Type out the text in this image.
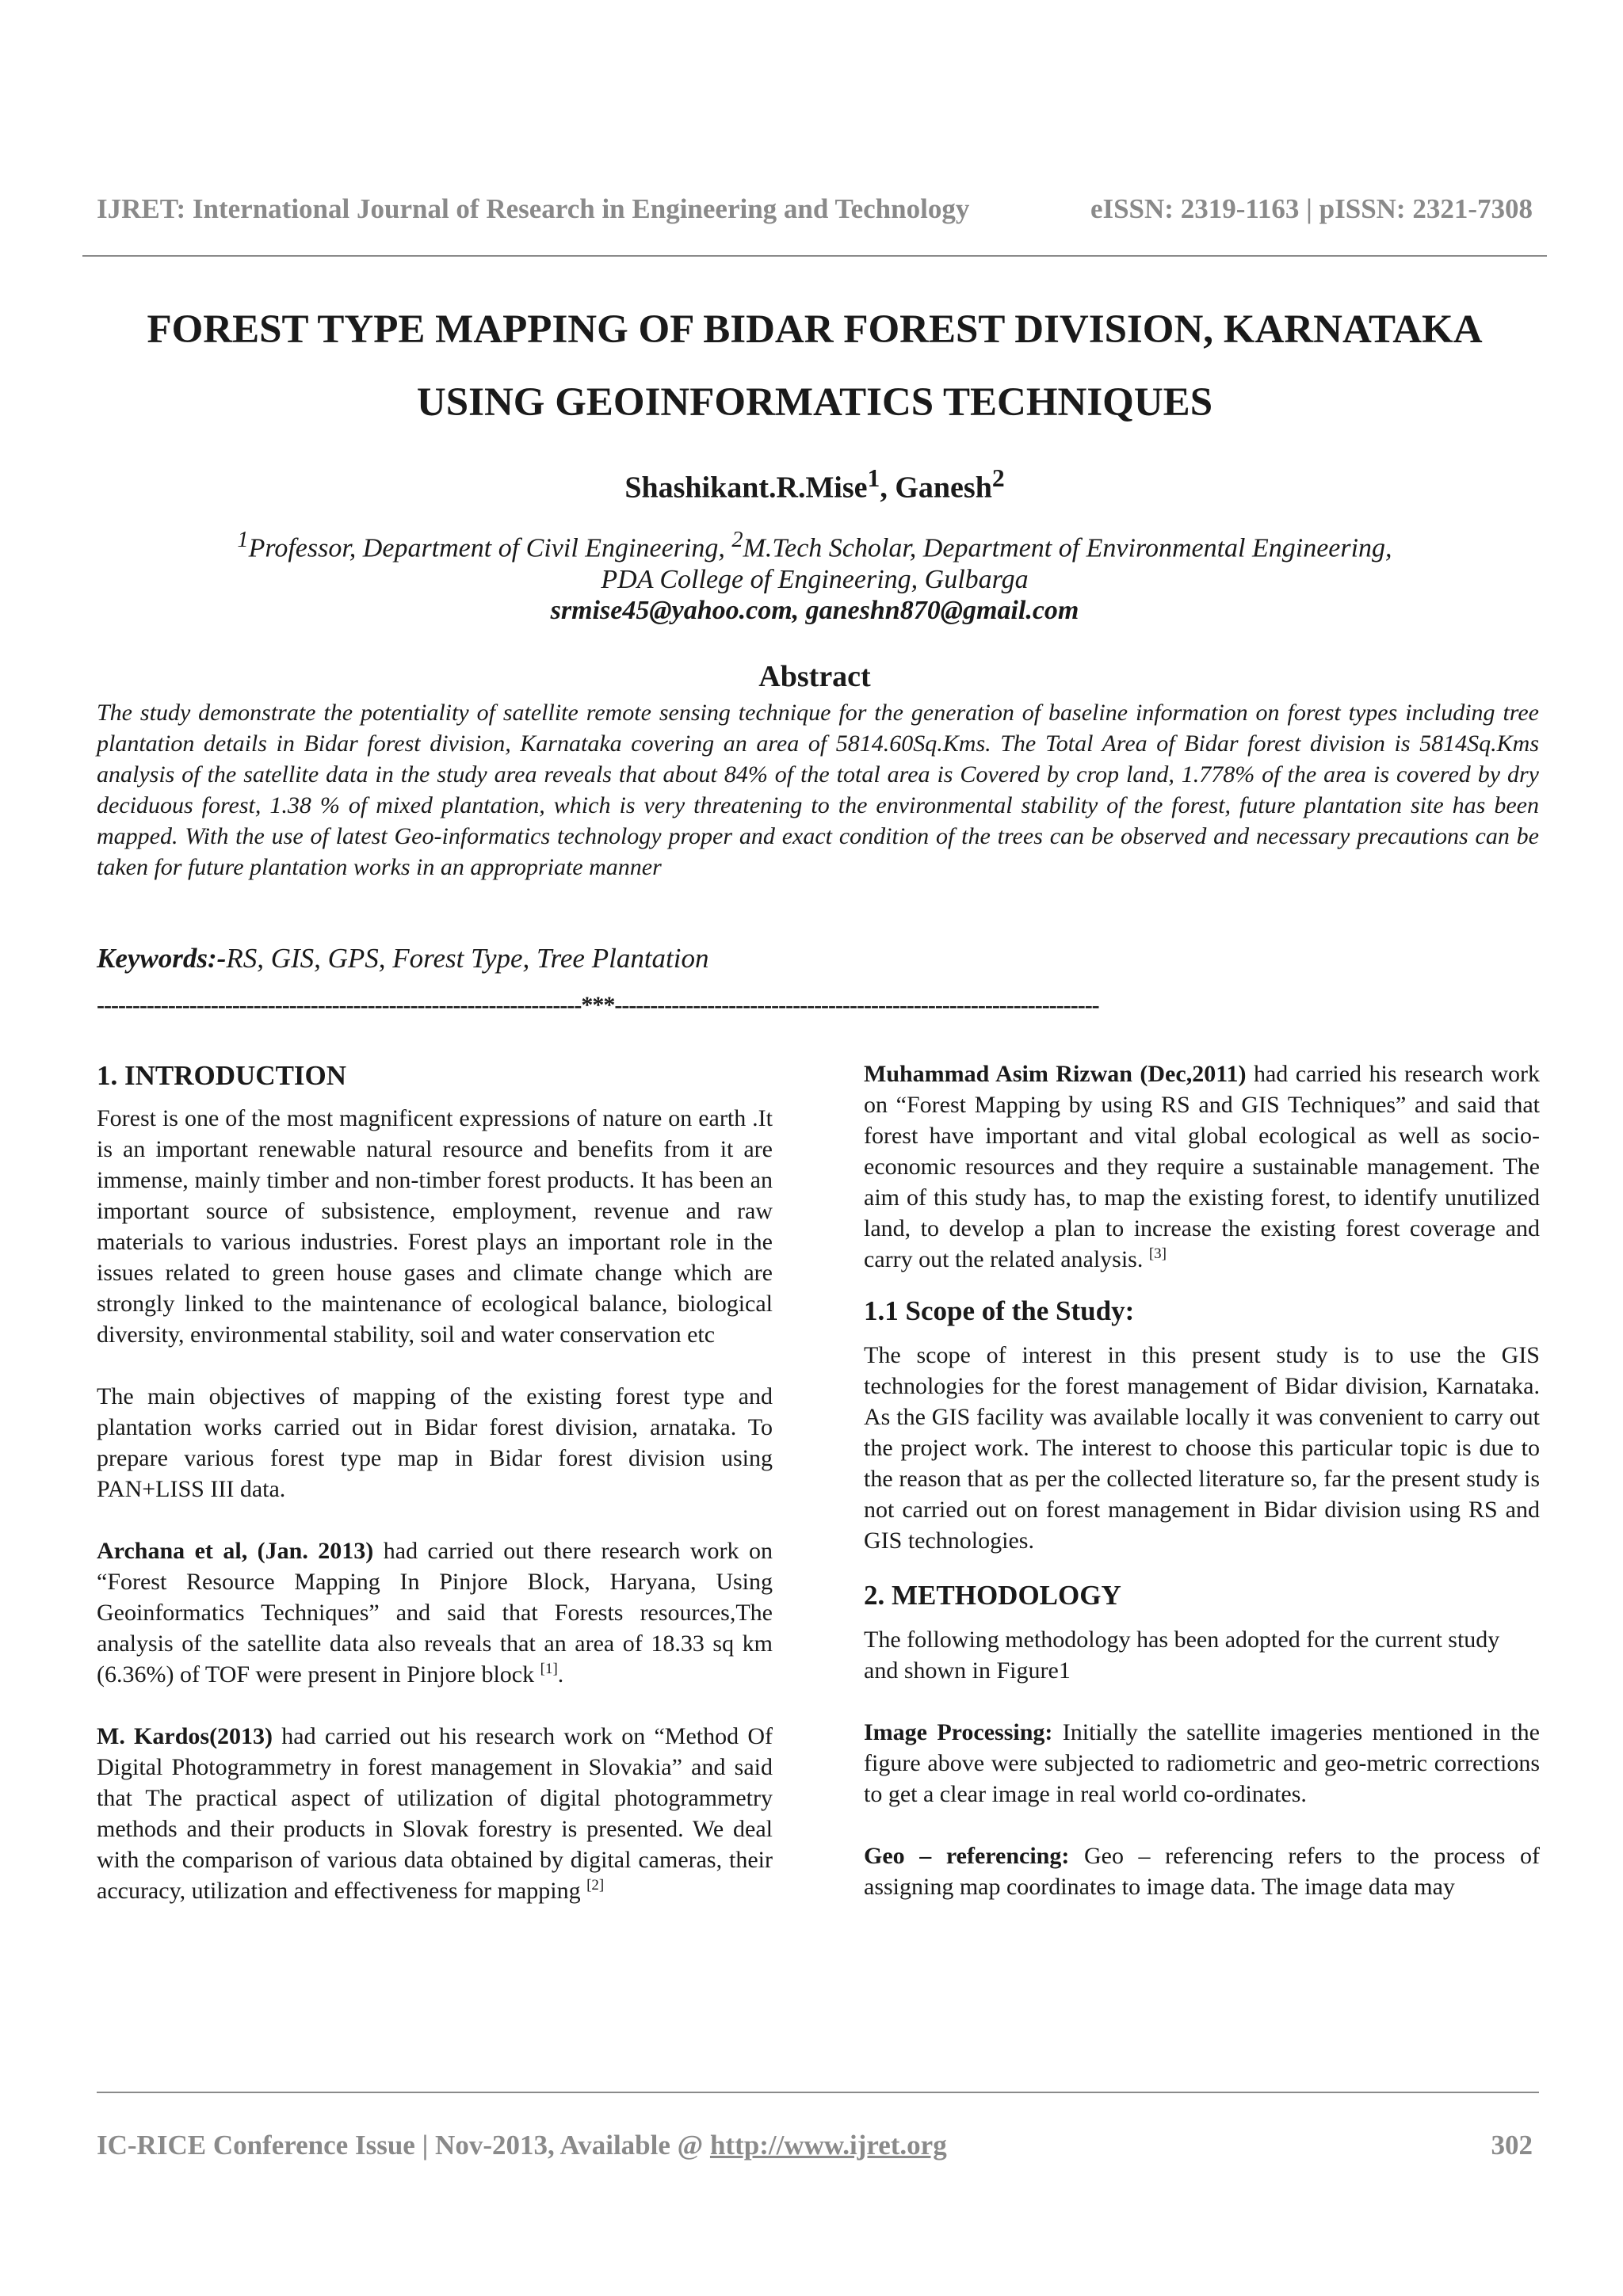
IJRET: International Journal of Research in Engineering and Technology	eISSN: 2319-1163 | pISSN: 2321-7308
FOREST TYPE MAPPING OF BIDAR FOREST DIVISION, KARNATAKA
USING GEOINFORMATICS TECHNIQUES
Shashikant.R.Mise$^1$, Ganesh$^2$
$^1$Professor, Department of Civil Engineering, $^2$M.Tech Scholar, Department of Environmental Engineering,
PDA College of Engineering, Gulbarga
srmise45@yahoo.com, ganeshn870@gmail.com
Abstract
The study demonstrate the potentiality of satellite remote sensing technique for the generation of baseline information on forest types including tree plantation details in Bidar forest division, Karnataka covering an area of 5814.60Sq.Kms. The Total Area of Bidar forest division is 5814Sq.Kms analysis of the satellite data in the study area reveals that about 84% of the total area is Covered by crop land, 1.778% of the area is covered by dry deciduous forest, 1.38 % of mixed plantation, which is very threatening to the environmental stability of the forest, future plantation site has been mapped. With the use of latest Geo-informatics technology proper and exact condition of the trees can be observed and necessary precautions can be taken for future plantation works in an appropriate manner
Keywords:-RS, GIS, GPS, Forest Type, Tree Plantation
--------------------------------------------------------------------***--------------------------------------------------------------------
1. INTRODUCTION

Forest is one of the most magnificent expressions of nature on earth .It is an important renewable natural resource and benefits from it are immense, mainly timber and non-timber forest products. It has been an important source of subsistence, employment, revenue and raw materials to various industries. Forest plays an important role in the issues related to green house gases and climate change which are strongly linked to the maintenance of ecological balance, biological diversity, environmental stability, soil and water conservation etc

The main objectives of mapping of the existing forest type and plantation works carried out in Bidar forest division, arnataka. To prepare various forest type map in Bidar forest division using PAN+LISS III data.

Archana et al, (Jan. 2013) had carried out there research work on “Forest Resource Mapping In Pinjore Block, Haryana, Using Geoinformatics Techniques” and said that Forests resources,The analysis of the satellite data also reveals that an area of 18.33 sq km (6.36%) of TOF were present in Pinjore block [1].

M. Kardos(2013) had carried out his research work on “Method Of Digital Photogrammetry in forest management in Slovakia” and said that The practical aspect of utilization of digital photogrammetry methods and their products in Slovak forestry is presented. We deal with the comparison of various data obtained by digital cameras, their accuracy, utilization and effectiveness for mapping [2]

Muhammad Asim Rizwan (Dec,2011) had carried his research work on “Forest Mapping by using RS and GIS Techniques” and said that forest have important and vital global ecological as well as socio-economic resources and they require a sustainable management. The aim of this study has, to map the existing forest, to identify unutilized land, to develop a plan to increase the existing forest coverage and carry out the related analysis. [3]

1.1 Scope of the Study:

The scope of interest in this present study is to use the GIS technologies for the forest management of Bidar division, Karnataka. As the GIS facility was available locally it was convenient to carry out the project work. The interest to choose this particular topic is due to the reason that as per the collected literature so, far the present study is not carried out on forest management in Bidar division using RS and GIS technologies.

2. METHODOLOGY

The following methodology has been adopted for the current study and shown in Figure1

Image Processing: Initially the satellite imageries mentioned in the figure above were subjected to radiometric and geo-metric corrections to get a clear image in real world co-ordinates.

Geo – referencing: Geo – referencing refers to the process of assigning map coordinates to image data. The image data may

IC-RICE Conference Issue | Nov-2013, Available @ http://www.ijret.org	302
